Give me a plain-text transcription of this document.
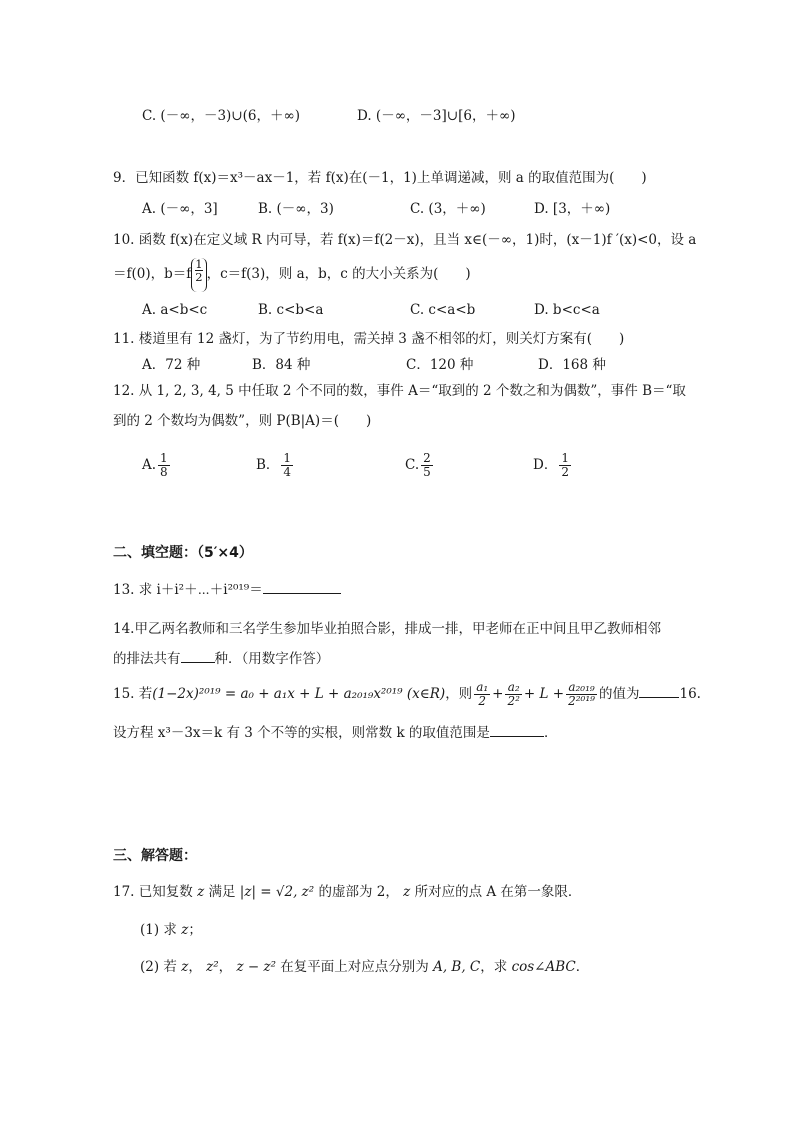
C. (－∞，－3)∪(6，＋∞)	D. (－∞，－3]∪[6，＋∞)
9．已知函数 f(x)＝x³－ax－1，若 f(x)在(－1，1)上单调递减，则 a 的取值范围为(　　)
A. (－∞，3]	B. (－∞，3)	C. (3，＋∞)	D. [3，＋∞)
10. 函数 f(x)在定义域 R 内可导，若 f(x)＝f(2－x)，且当 x∈(－∞，1)时，(x－1)f ′(x)<0，设 a
＝f(0)，$b=f \frac{1}{2}$，c＝f(3)，则 a，b，c 的大小关系为(　　)
A. a<b<c	B. c<b<a	C. c<a<b	D. b<c<a
11. 楼道里有 12 盏灯，为了节约用电，需关掉 3 盏不相邻的灯，则关灯方案有(　　)
A．72 种	B．84 种	C．120 种	D．168 种
12. 从 1, 2, 3, 4, 5 中任取 2 个不同的数，事件 A＝“取到的 2 个数之和为偶数”，事件 B＝“取
到的 2 个数均为偶数”，则 P(B|A)＝(　　)
A. $\frac{1}{8}$	B． $\frac{1}{4}$	C. $\frac{2}{5}$	D． $\frac{1}{2}$
二、填空题：（5′×4）
13. 求 i＋i²＋⋯＋i²⁰¹⁹＝
14.甲乙两名教师和三名学生参加毕业拍照合影，排成一排，甲老师在正中间且甲乙教师相邻
的排法共有	种．（用数字作答）
15. 若(1−2x)²⁰¹⁹ = a₀ + a₁x + L + a₂₀₁₉x²⁰¹⁹ (x∈R)，则 $\frac{\text{a₁}}{2} + \frac{\text{a₂}}{\text{2²}} + L + \frac{\text{a₂₀₁₉}}{\text{2²⁰¹⁹}}$ 的值为	16.
设方程 x³－3x＝k 有 3 个不等的实根，则常数 k 的取值范围是	．
三、解答题：
17. 已知复数 z 满足 |z| = √2, z² 的虚部为 2， z 所对应的点 A 在第一象限．
(1) 求 z；
(2) 若 z， z²， z − z² 在复平面上对应点分别为 A, B, C，求 cos∠ABC．
